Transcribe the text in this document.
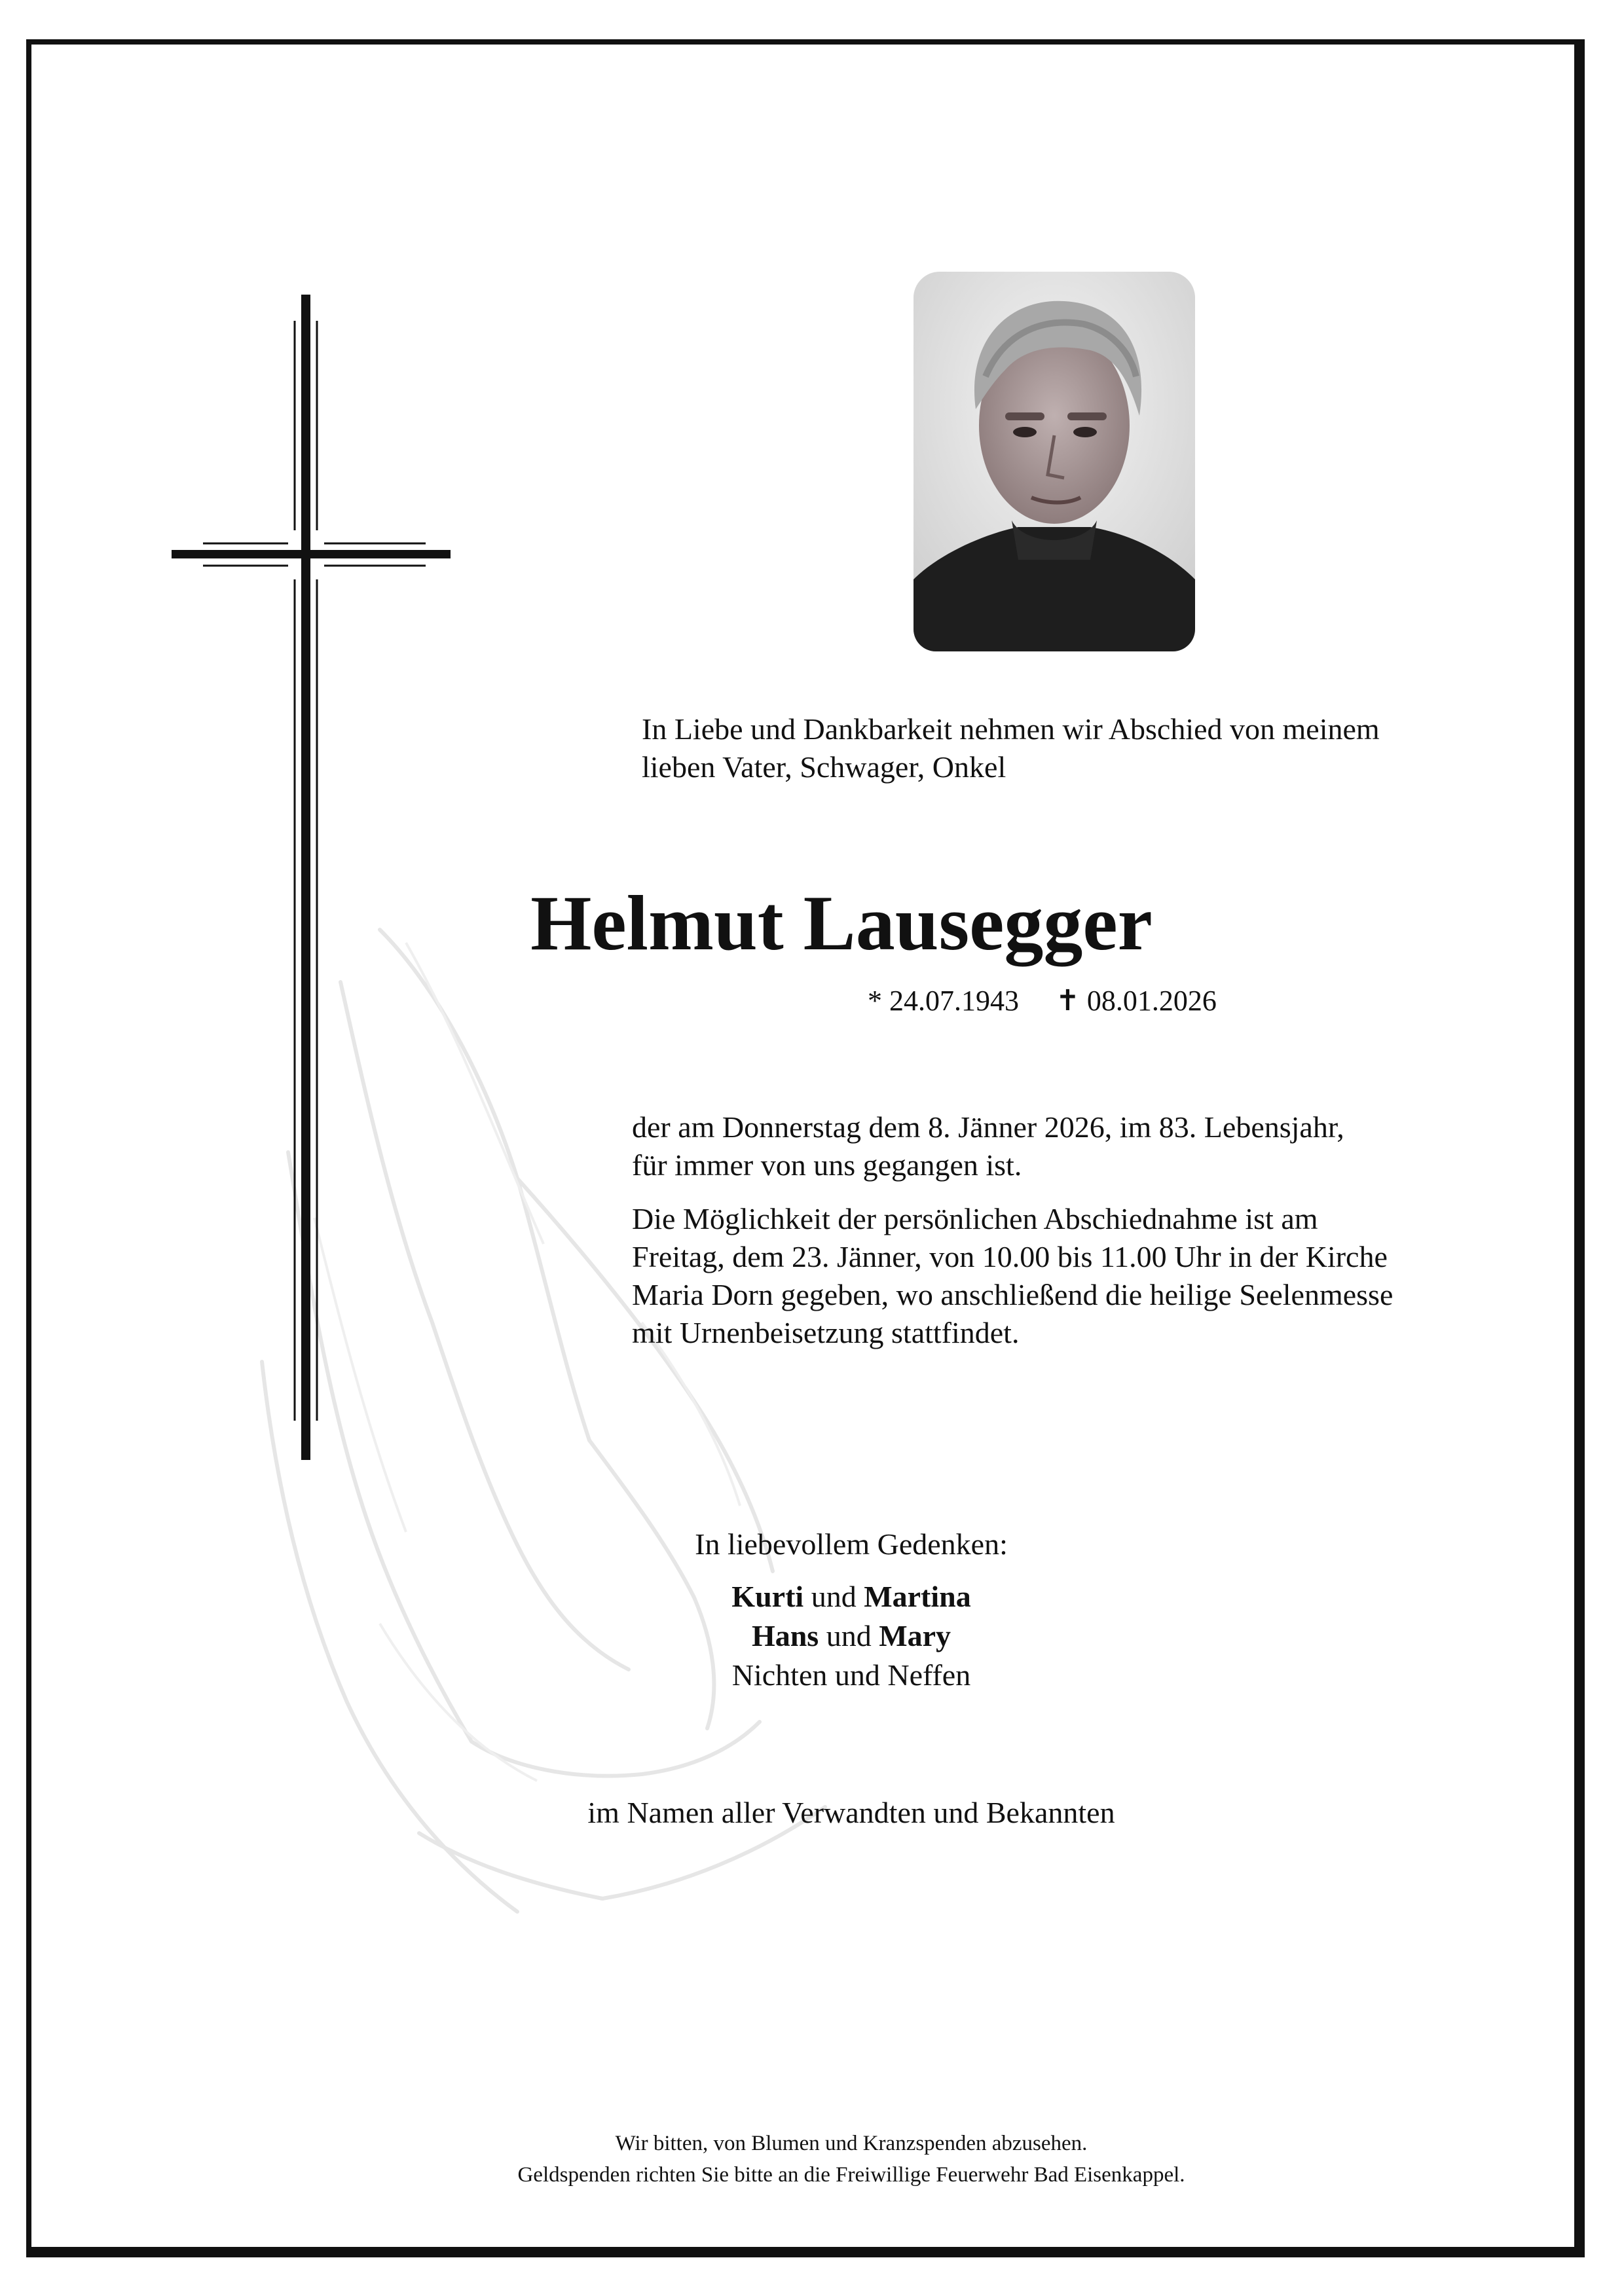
In Liebe und Dankbarkeit nehmen wir Abschied von meinem
lieben Vater, Schwager, Onkel
Helmut Lausegger
* 24.07.1943 ✝ 08.01.2026
der am Donnerstag dem 8. Jänner 2026, im 83. Lebensjahr,
für immer von uns gegangen ist.
Die Möglichkeit der persönlichen Abschiednahme ist am
Freitag, dem 23. Jänner, von 10.00 bis 11.00 Uhr in der Kirche
Maria Dorn gegeben, wo anschließend die heilige Seelenmesse
mit Urnenbeisetzung stattfindet.
In liebevollem Gedenken:
Kurti und Martina
Hans und Mary
Nichten und Neffen
im Namen aller Verwandten und Bekannten
Wir bitten, von Blumen und Kranzspenden abzusehen.
Geldspenden richten Sie bitte an die Freiwillige Feuerwehr Bad Eisenkappel.
